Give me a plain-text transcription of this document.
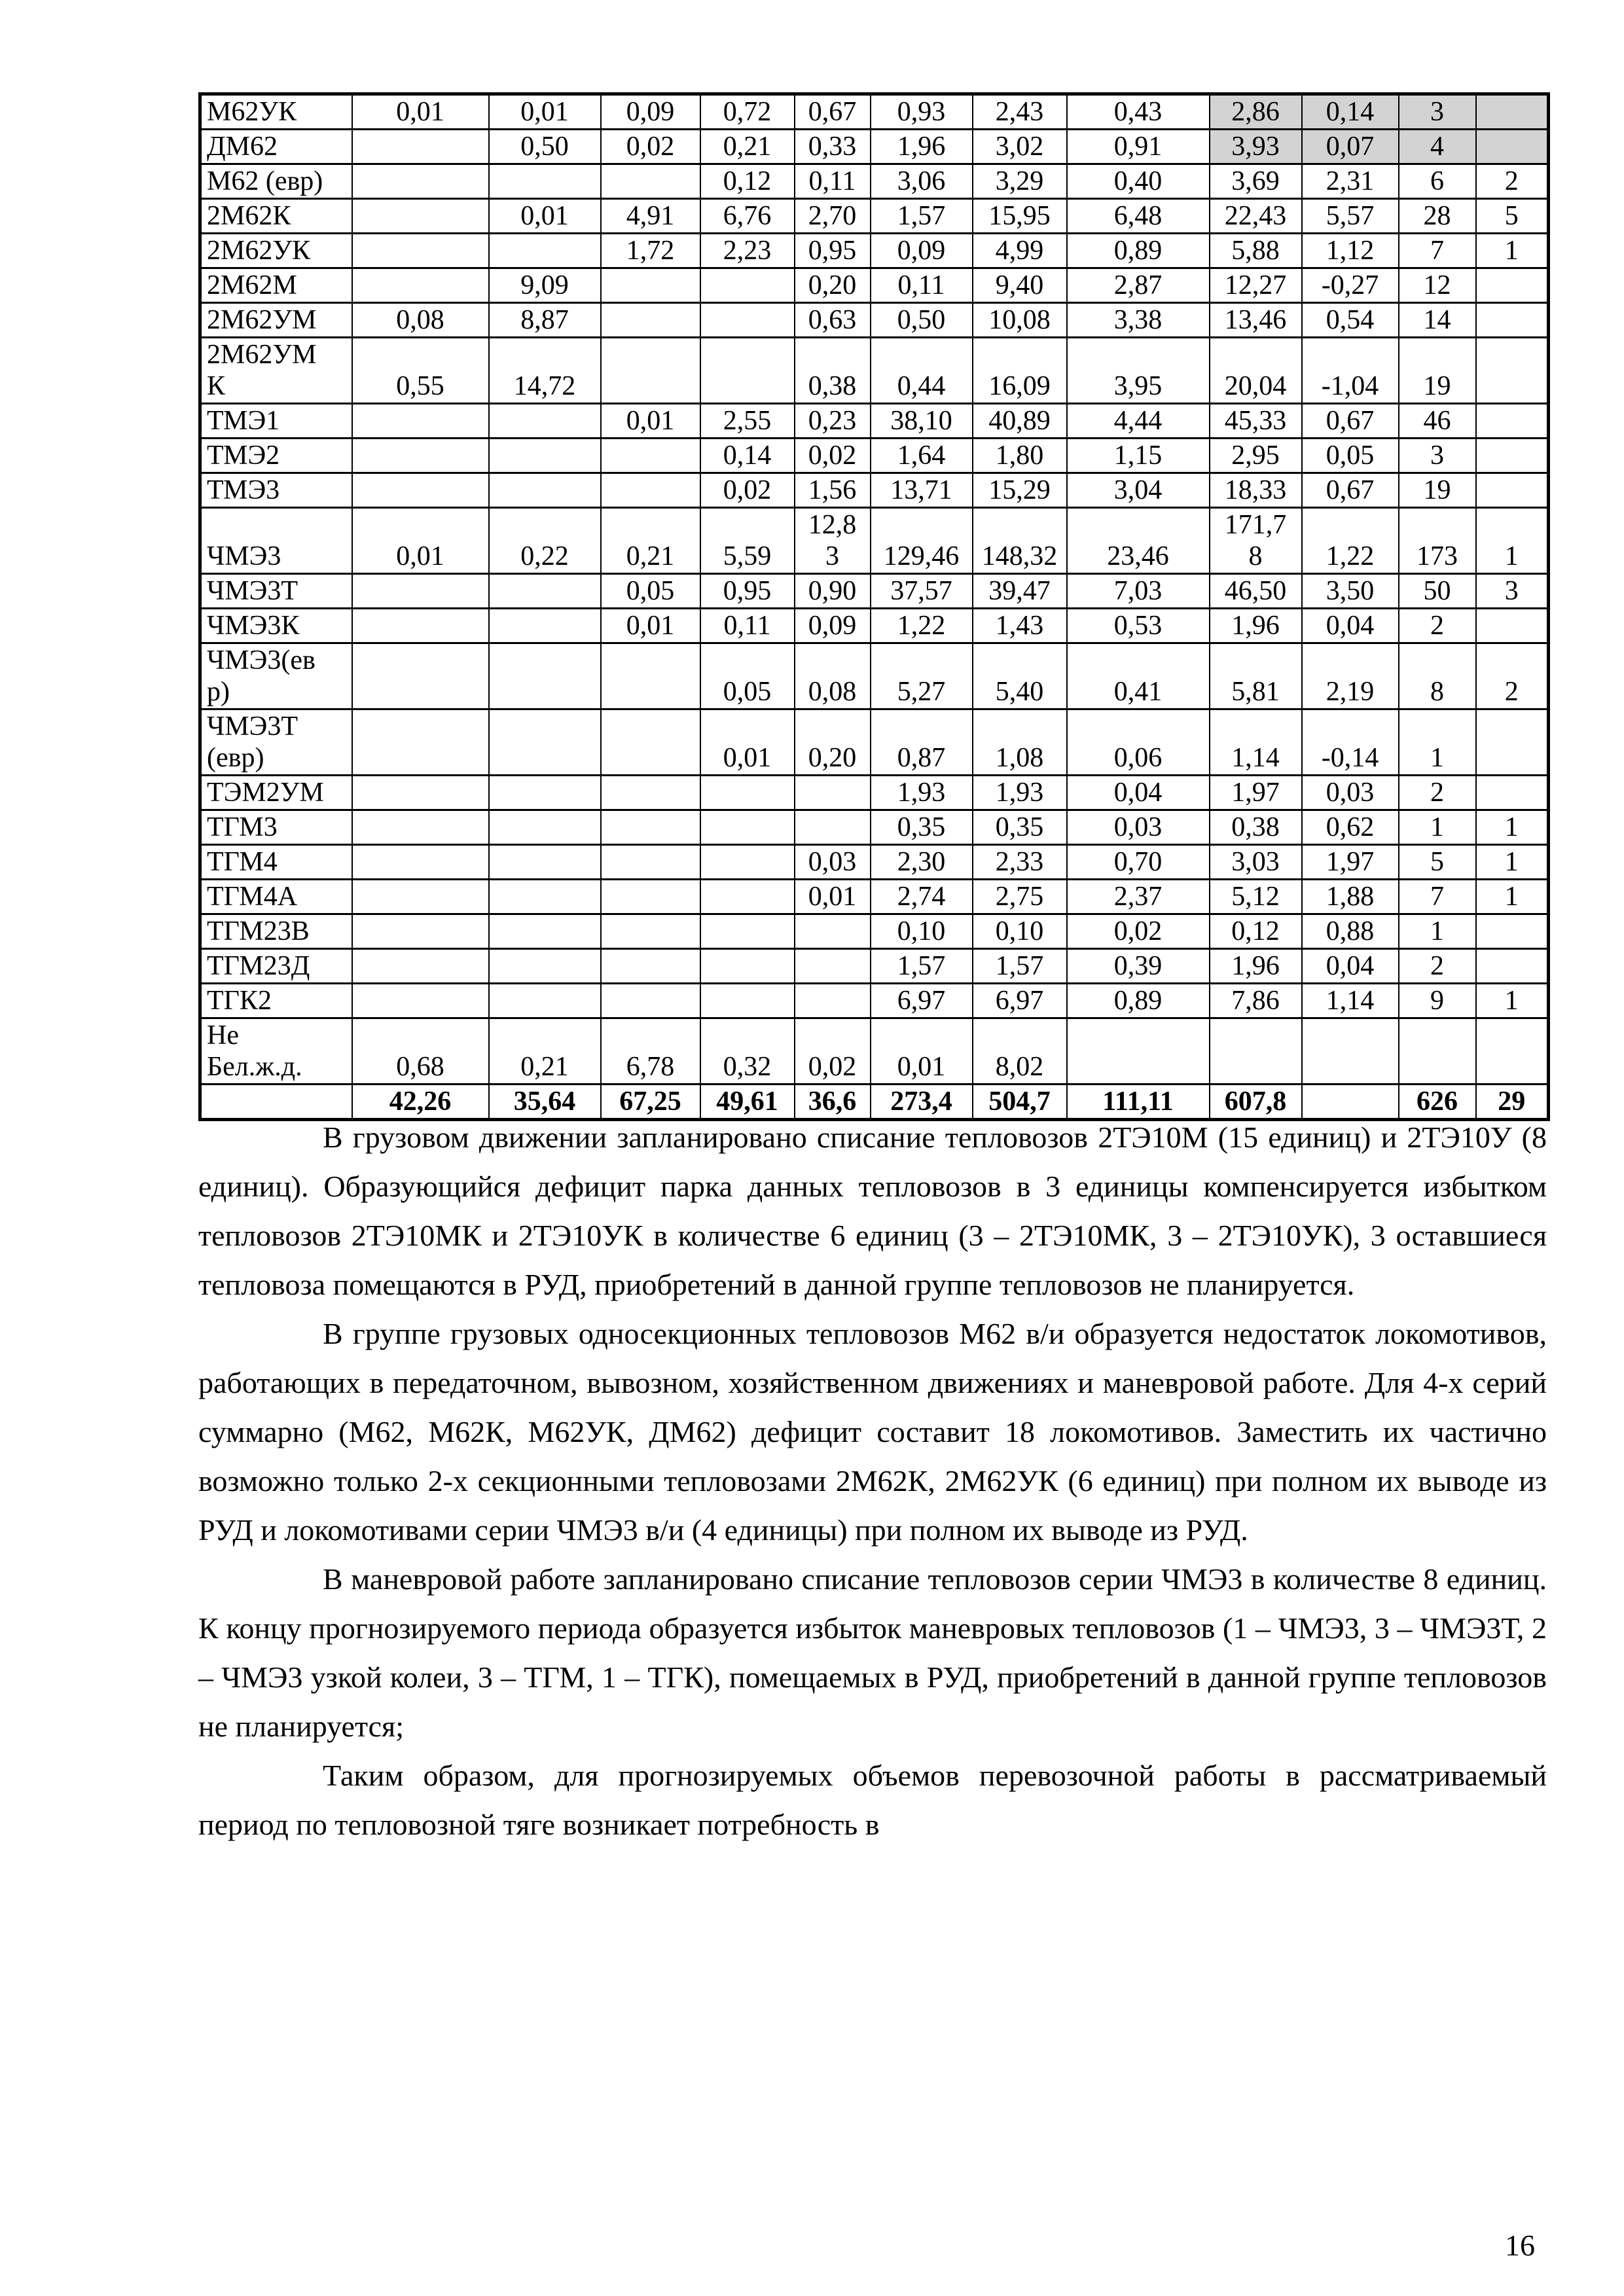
М62УК	0,01	0,01	0,09	0,72	0,67	0,93	2,43	0,43	2,86	0,14	3	
ДМ62		0,50	0,02	0,21	0,33	1,96	3,02	0,91	3,93	0,07	4	
М62 (евр)				0,12	0,11	3,06	3,29	0,40	3,69	2,31	6	2
2М62К		0,01	4,91	6,76	2,70	1,57	15,95	6,48	22,43	5,57	28	5
2М62УК			1,72	2,23	0,95	0,09	4,99	0,89	5,88	1,12	7	1
2М62М		9,09			0,20	0,11	9,40	2,87	12,27	-0,27	12	
2М62УМ	0,08	8,87			0,63	0,50	10,08	3,38	13,46	0,54	14	
2М62УМК	0,55	14,72			0,38	0,44	16,09	3,95	20,04	-1,04	19	
ТМЭ1			0,01	2,55	0,23	38,10	40,89	4,44	45,33	0,67	46	
ТМЭ2				0,14	0,02	1,64	1,80	1,15	2,95	0,05	3	
ТМЭ3				0,02	1,56	13,71	15,29	3,04	18,33	0,67	19	
ЧМЭ3	0,01	0,22	0,21	5,59	12,83	129,46	148,32	23,46	171,78	1,22	173	1
ЧМЭ3Т			0,05	0,95	0,90	37,57	39,47	7,03	46,50	3,50	50	3
ЧМЭ3К			0,01	0,11	0,09	1,22	1,43	0,53	1,96	0,04	2	
ЧМЭ3(евр)				0,05	0,08	5,27	5,40	0,41	5,81	2,19	8	2
ЧМЭ3Т (евр)				0,01	0,20	0,87	1,08	0,06	1,14	-0,14	1	
ТЭМ2УМ						1,93	1,93	0,04	1,97	0,03	2	
ТГМ3						0,35	0,35	0,03	0,38	0,62	1	1
ТГМ4					0,03	2,30	2,33	0,70	3,03	1,97	5	1
ТГМ4А					0,01	2,74	2,75	2,37	5,12	1,88	7	1
ТГМ23В						0,10	0,10	0,02	0,12	0,88	1	
ТГМ23Д						1,57	1,57	0,39	1,96	0,04	2	
ТГК2						6,97	6,97	0,89	7,86	1,14	9	1
Не Бел.ж.д.	0,68	0,21	6,78	0,32	0,02	0,01	8,02					
	42,26	35,64	67,25	49,61	36,6	273,4	504,7	111,11	607,8		626	29

В грузовом движении запланировано списание тепловозов 2ТЭ10М (15 единиц) и 2ТЭ10У (8 единиц). Образующийся дефицит парка данных тепловозов в 3 единицы компенсируется избытком тепловозов 2ТЭ10МК и 2ТЭ10УК в количестве 6 единиц (3 – 2ТЭ10МК, 3 – 2ТЭ10УК), 3 оставшиеся тепловоза помещаются в РУД, приобретений в данной группе тепловозов не планируется.

В группе грузовых односекционных тепловозов М62 в/и образуется недостаток локомотивов, работающих в передаточном, вывозном, хозяйственном движениях и маневровой работе. Для 4-х серий суммарно (М62, М62К, М62УК, ДМ62) дефицит составит 18 локомотивов. Заместить их частично возможно только 2-х секционными тепловозами 2М62К, 2М62УК (6 единиц) при полном их выводе из РУД и локомотивами серии ЧМЭ3 в/и (4 единицы) при полном их выводе из РУД.

В маневровой работе запланировано списание тепловозов серии ЧМЭ3 в количестве 8 единиц. К концу прогнозируемого периода образуется избыток маневровых тепловозов (1 – ЧМЭ3, 3 – ЧМЭ3Т, 2 – ЧМЭ3 узкой колеи, 3 – ТГМ, 1 – ТГК), помещаемых в РУД, приобретений в данной группе тепловозов не планируется;

Таким образом, для прогнозируемых объемов перевозочной работы в рассматриваемый период по тепловозной тяге возникает потребность в

16
